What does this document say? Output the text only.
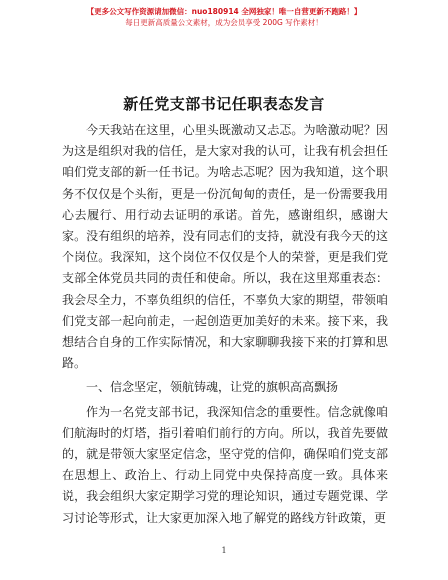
【更多公文写作资源请加微信：nuo180914 全网独家！唯一自营更新不跑路！】
每日更新高质量公文素材，成为会员享受 200G 写作素材！
新任党支部书记任职表态发言

今天我站在这里，心里头既激动又忐忑。为啥激动呢？因为这是组织对我的信任，是大家对我的认可，让我有机会担任咱们党支部的新一任书记。为啥忐忑呢？因为我知道，这个职务不仅仅是个头衔，更是一份沉甸甸的责任，是一份需要我用心去履行、用行动去证明的承诺。首先，感谢组织，感谢大家。没有组织的培养，没有同志们的支持，就没有我今天的这个岗位。我深知，这个岗位不仅仅是个人的荣誉，更是我们党支部全体党员共同的责任和使命。所以，我在这里郑重表态：我会尽全力，不辜负组织的信任，不辜负大家的期望，带领咱们党支部一起向前走，一起创造更加美好的未来。接下来，我想结合自身的工作实际情况，和大家聊聊我接下来的打算和思路。

一、信念坚定，领航铸魂，让党的旗帜高高飘扬

作为一名党支部书记，我深知信念的重要性。信念就像咱们航海时的灯塔，指引着咱们前行的方向。所以，我首先要做的，就是带领大家坚定信念，坚守党的信仰，确保咱们党支部在思想上、政治上、行动上同党中央保持高度一致。具体来说，我会组织大家定期学习党的理论知识，通过专题党课、学习讨论等形式，让大家更加深入地了解党的路线方针政策，更

1
